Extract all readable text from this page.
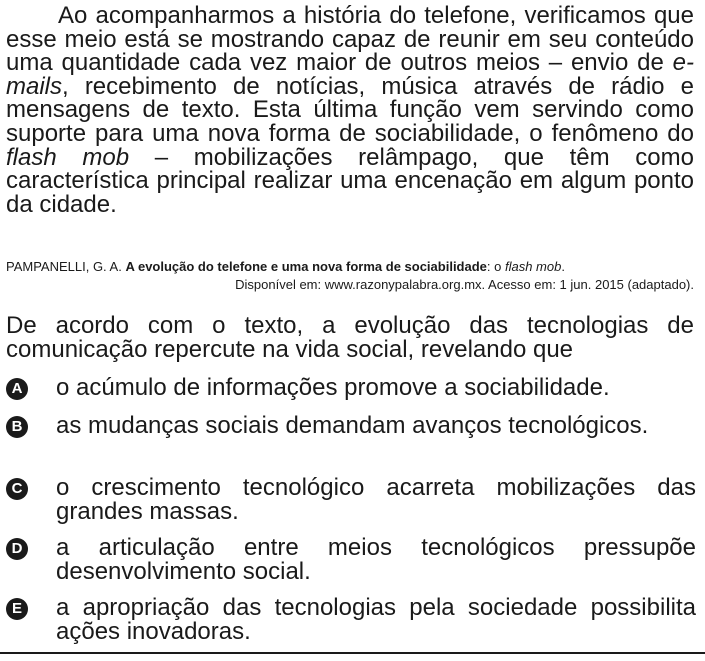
Ao acompanharmos a história do telefone, verificamos que esse meio está se mostrando capaz de reunir em seu conteúdo uma quantidade cada vez maior de outros meios – envio de e-mails, recebimento de notícias, música através de rádio e mensagens de texto. Esta última função vem servindo como suporte para uma nova forma de sociabilidade, o fenômeno do flash mob – mobilizações relâmpago, que têm como característica principal realizar uma encenação em algum ponto da cidade.

PAMPANELLI, G. A. A evolução do telefone e uma nova forma de sociabilidade: o flash mob.
Disponível em: www.razonypalabra.org.mx. Acesso em: 1 jun. 2015 (adaptado).

De acordo com o texto, a evolução das tecnologias de comunicação repercute na vida social, revelando que

A o acúmulo de informações promove a sociabilidade.
B as mudanças sociais demandam avanços tecnológicos.
C o crescimento tecnológico acarreta mobilizações das grandes massas.
D a articulação entre meios tecnológicos pressupõe desenvolvimento social.
E a apropriação das tecnologias pela sociedade possibilita ações inovadoras.
